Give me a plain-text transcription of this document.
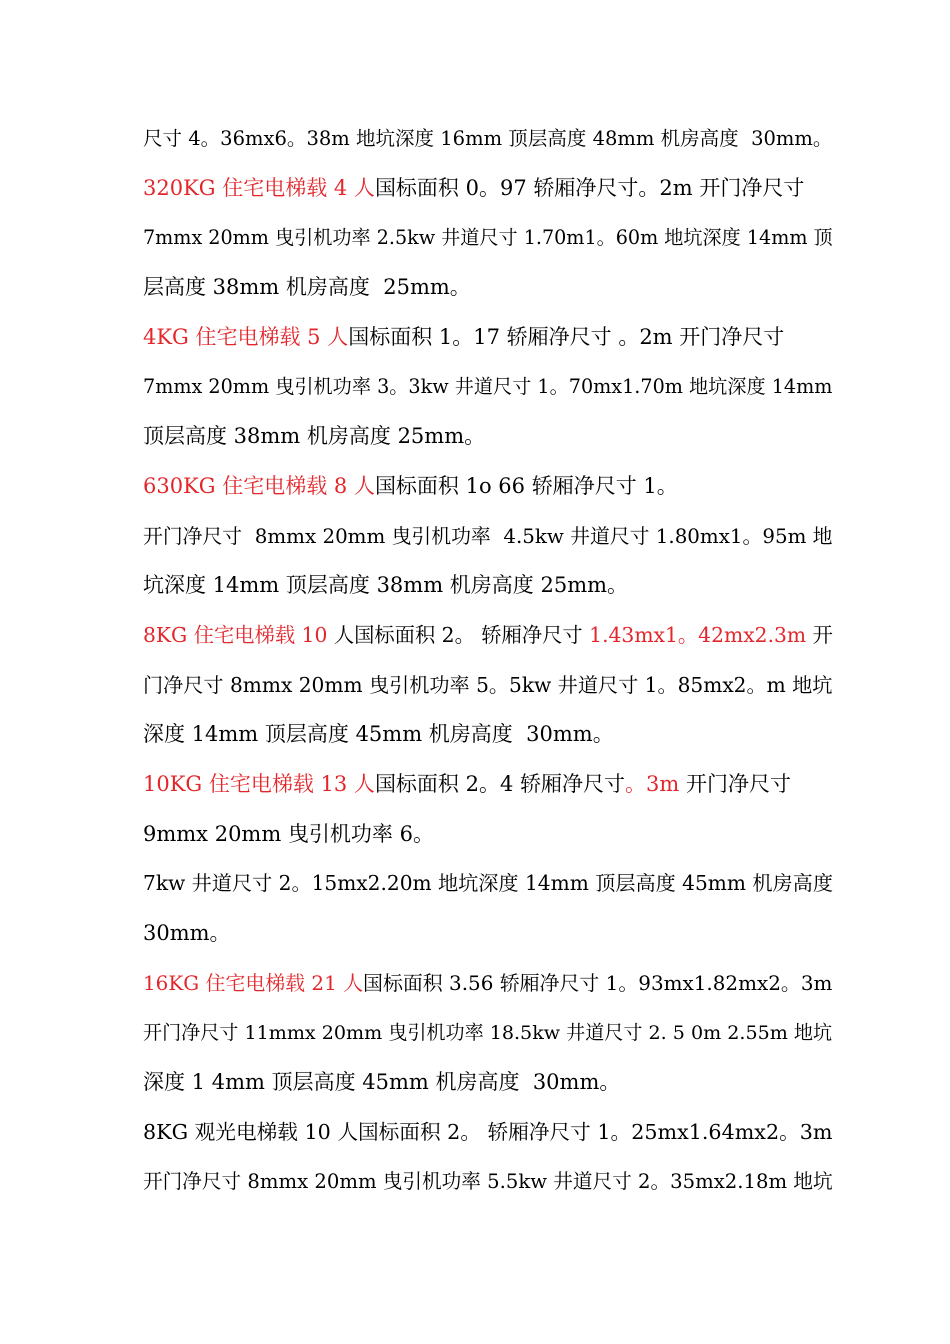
尺寸 4。36mx6。38m 地坑深度 16mm 顶层高度 48mm 机房高度  30mm。
320KG 住宅电梯载 4 人国标面积 0。97 轿厢净尺寸。2m 开门净尺寸
7mmx 20mm 曳引机功率 2.5kw 井道尺寸 1.70m1。60m 地坑深度 14mm 顶
层高度 38mm 机房高度  25mm。
4KG 住宅电梯载 5 人国标面积 1。17 轿厢净尺寸 。2m 开门净尺寸
7mmx 20mm 曳引机功率 3。3kw 井道尺寸 1。70mx1.70m 地坑深度 14mm
顶层高度 38mm 机房高度 25mm。
630KG 住宅电梯载 8 人国标面积 1o 66 轿厢净尺寸 1。
开门净尺寸  8mmx 20mm 曳引机功率  4.5kw 井道尺寸 1.80mx1。95m 地
坑深度 14mm 顶层高度 38mm 机房高度 25mm。
8KG 住宅电梯载 10 人国标面积 2。 轿厢净尺寸 1.43mx1。42mx2.3m 开
门净尺寸 8mmx 20mm 曳引机功率 5。5kw 井道尺寸 1。85mx2。m 地坑
深度 14mm 顶层高度 45mm 机房高度  30mm。
10KG 住宅电梯载 13 人国标面积 2。4 轿厢净尺寸。3m 开门净尺寸
9mmx 20mm 曳引机功率 6。
7kw 井道尺寸 2。15mx2.20m 地坑深度 14mm 顶层高度 45mm 机房高度
30mm。
16KG 住宅电梯载 21 人国标面积 3.56 轿厢净尺寸 1。93mx1.82mx2。3m
开门净尺寸 11mmx 20mm 曳引机功率 18.5kw 井道尺寸 2. 5 0m 2.55m 地坑
深度 1 4mm 顶层高度 45mm 机房高度  30mm。
8KG 观光电梯载 10 人国标面积 2。 轿厢净尺寸 1。25mx1.64mx2。3m
开门净尺寸 8mmx 20mm 曳引机功率 5.5kw 井道尺寸 2。35mx2.18m 地坑
